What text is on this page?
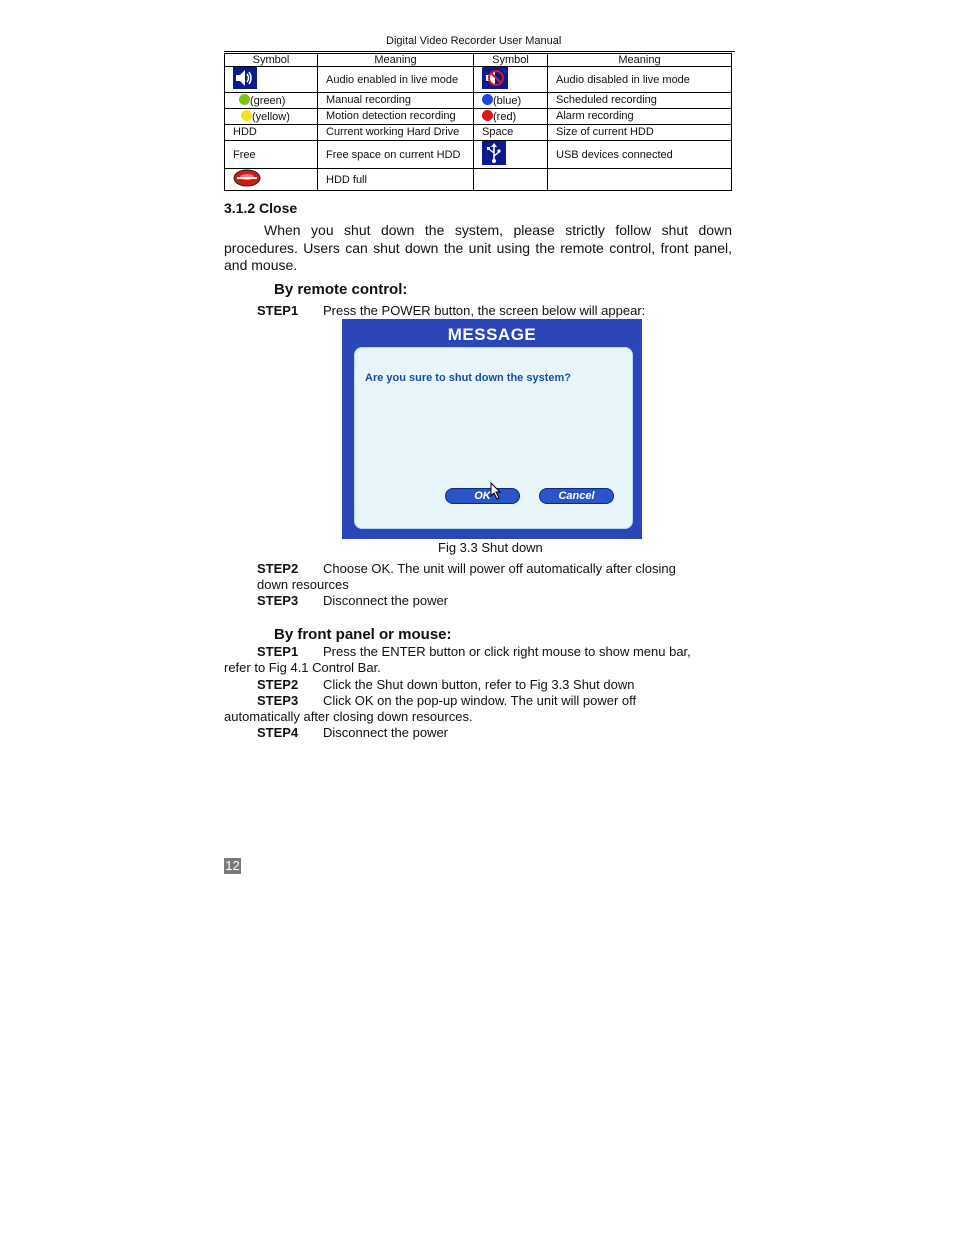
Digital Video Recorder User Manual
Symbol	Meaning	Symbol	Meaning
	Audio enabled in live mode		Audio disabled in live mode
(green)	Manual recording	(blue)	Scheduled recording
(yellow)	Motion detection recording	(red)	Alarm recording
HDD	Current working Hard Drive	Space	Size of current HDD
Free	Free space on current HDD		USB devices connected
	HDD full		
3.1.2 Close
When you shut down the system, please strictly follow shut down procedures. Users can shut down the unit using the remote control, front panel, and mouse.
By remote control:
STEP1 Press the POWER button, the screen below will appear:
MESSAGE
Are you sure to shut down the system?
OK	Cancel
Fig 3.3 Shut down
STEP2 Choose OK. The unit will power off automatically after closing
down resources
STEP3 Disconnect the power
By front panel or mouse:
STEP1 Press the ENTER button or click right mouse to show menu bar,
refer to Fig 4.1 Control Bar.
STEP2 Click the Shut down button, refer to Fig 3.3 Shut down
STEP3 Click OK on the pop-up window. The unit will power off
automatically after closing down resources.
STEP4 Disconnect the power
12
